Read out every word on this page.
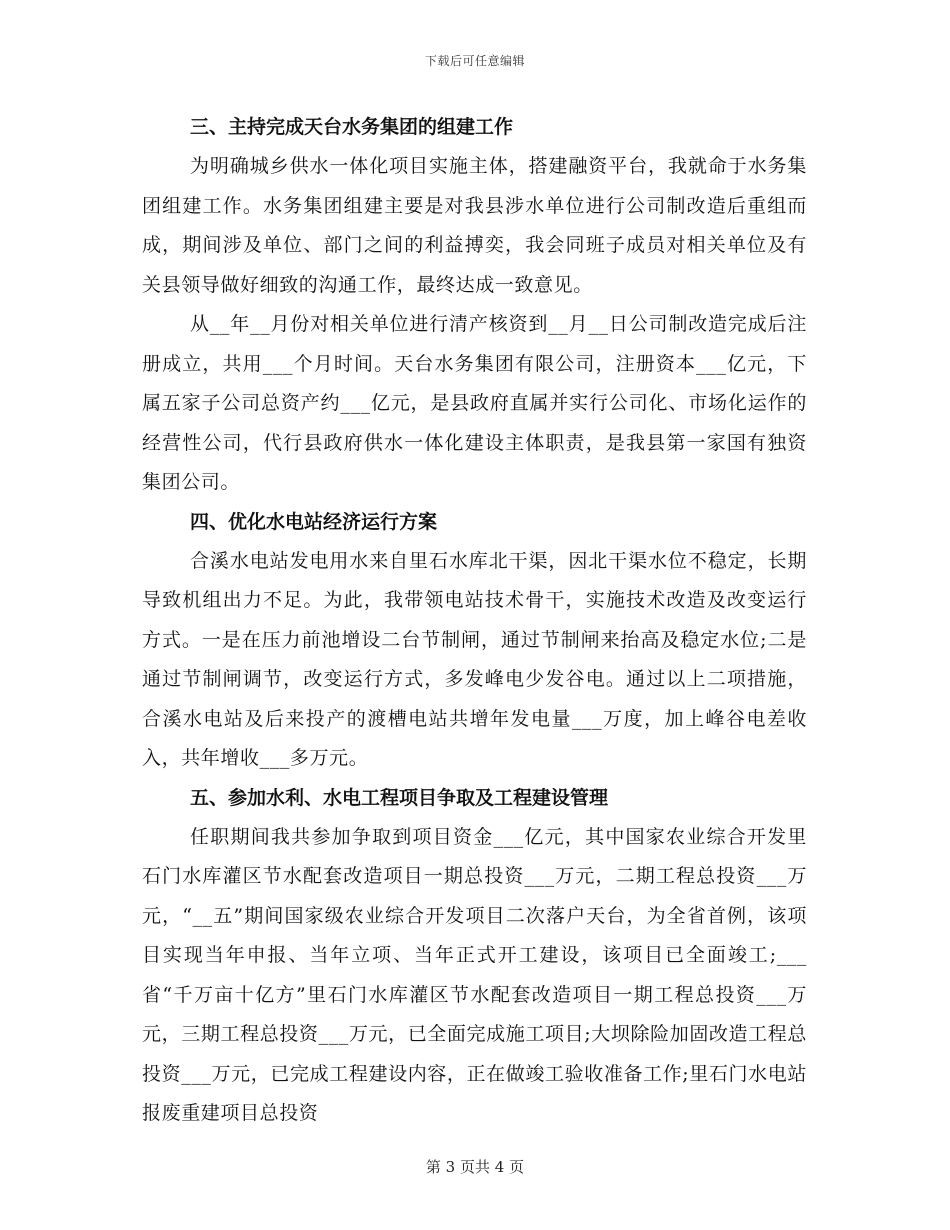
下载后可任意编辑
三、主持完成天台水务集团的组建工作

为明确城乡供水一体化项目实施主体，搭建融资平台，我就命于水务集团组建工作。水务集团组建主要是对我县涉水单位进行公司制改造后重组而成，期间涉及单位、部门之间的利益搏奕，我会同班子成员对相关单位及有关县领导做好细致的沟通工作，最终达成一致意见。

从__年__月份对相关单位进行清产核资到__月__日公司制改造完成后注册成立，共用___个月时间。天台水务集团有限公司，注册资本___亿元，下属五家子公司总资产约___亿元，是县政府直属并实行公司化、市场化运作的经营性公司，代行县政府供水一体化建设主体职责，是我县第一家国有独资集团公司。

四、优化水电站经济运行方案

合溪水电站发电用水来自里石水库北干渠，因北干渠水位不稳定，长期导致机组出力不足。为此，我带领电站技术骨干，实施技术改造及改变运行方式。一是在压力前池增设二台节制闸，通过节制闸来抬高及稳定水位;二是通过节制闸调节，改变运行方式，多发峰电少发谷电。通过以上二项措施，合溪水电站及后来投产的渡槽电站共增年发电量___万度，加上峰谷电差收入，共年增收___多万元。

五、参加水利、水电工程项目争取及工程建设管理

任职期间我共参加争取到项目资金___亿元，其中国家农业综合开发里石门水库灌区节水配套改造项目一期总投资___万元，二期工程总投资___万元，“__五”期间国家级农业综合开发项目二次落户天台，为全省首例，该项目实现当年申报、当年立项、当年正式开工建设，该项目已全面竣工;___省“千万亩十亿方”里石门水库灌区节水配套改造项目一期工程总投资___万元，三期工程总投资___万元，已全面完成施工项目;大坝除险加固改造工程总投资___万元，已完成工程建设内容，正在做竣工验收准备工作;里石门水电站报废重建项目总投资

第 3 页共 4 页
